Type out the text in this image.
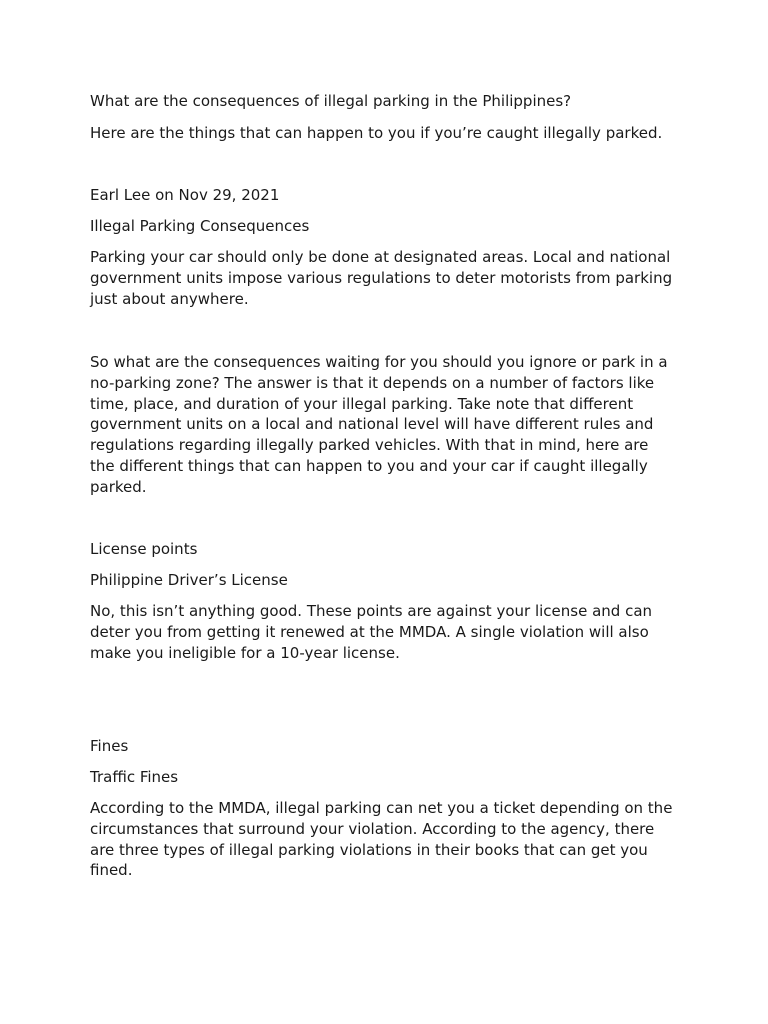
What are the consequences of illegal parking in the Philippines?

Here are the things that can happen to you if you’re caught illegally parked.

Earl Lee on Nov 29, 2021

Illegal Parking Consequences

Parking your car should only be done at designated areas. Local and national
government units impose various regulations to deter motorists from parking
just about anywhere.
So what are the consequences waiting for you should you ignore or park in a
no-parking zone? The answer is that it depends on a number of factors like
time, place, and duration of your illegal parking. Take note that different
government units on a local and national level will have different rules and
regulations regarding illegally parked vehicles. With that in mind, here are
the different things that can happen to you and your car if caught illegally
parked.

License points

Philippine Driver’s License

No, this isn’t anything good. These points are against your license and can
deter you from getting it renewed at the MMDA. A single violation will also
make you ineligible for a 10-year license.

Fines

Traffic Fines

According to the MMDA, illegal parking can net you a ticket depending on the
circumstances that surround your violation. According to the agency, there
are three types of illegal parking violations in their books that can get you
fined.
